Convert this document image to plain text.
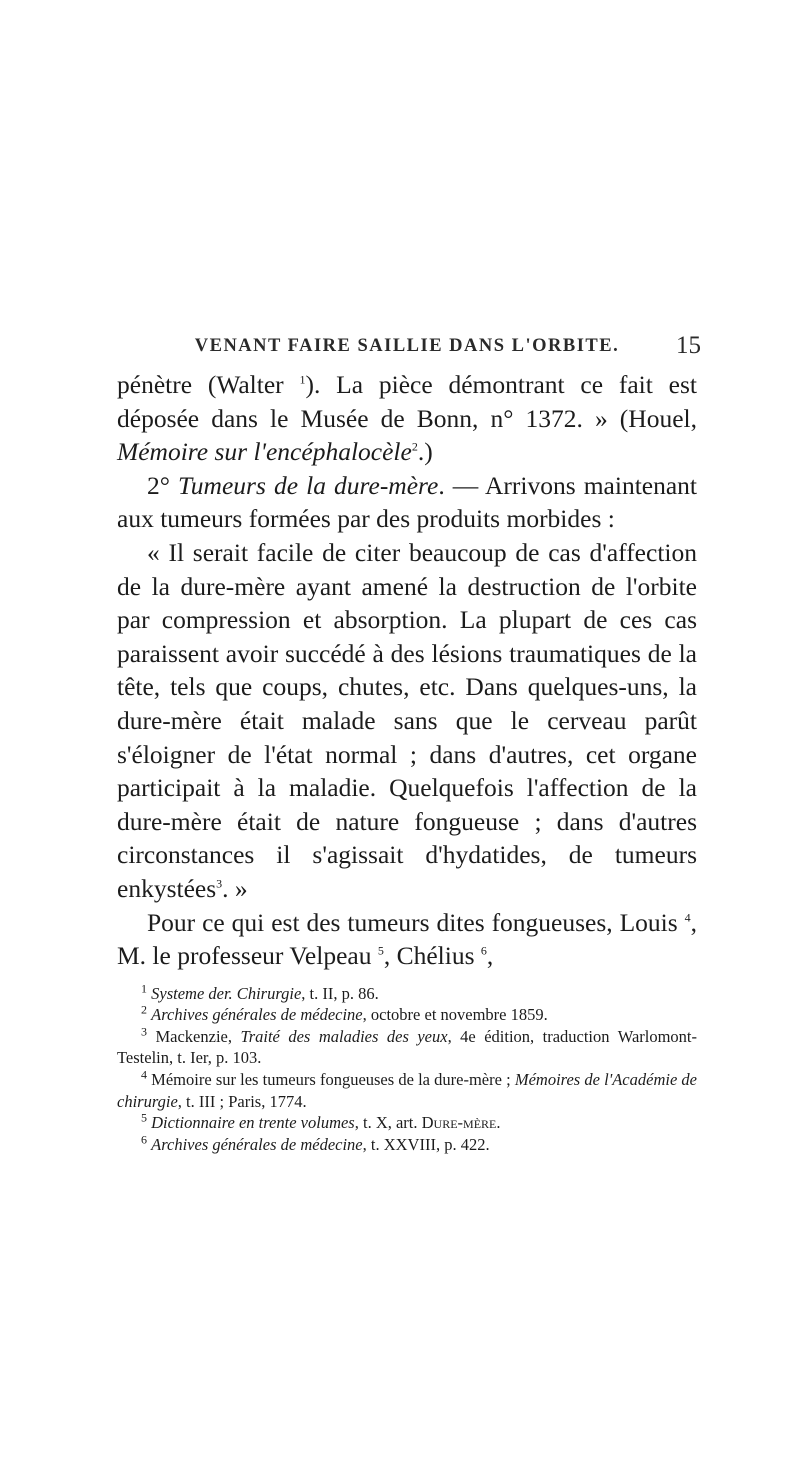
VENANT FAIRE SAILLIE DANS L'ORBITE.	15

pénètre (Walter $^1$). La pièce démontrant ce fait est déposée dans le Musée de Bonn, n° 1372. » (Houel, Mémoire sur l'encéphalocèle$^2$.)

2° Tumeurs de la dure-mère. — Arrivons maintenant aux tumeurs formées par des produits morbides :

« Il serait facile de citer beaucoup de cas d'affection de la dure-mère ayant amené la destruction de l'orbite par compression et absorption. La plupart de ces cas paraissent avoir succédé à des lésions traumatiques de la tête, tels que coups, chutes, etc. Dans quelques-uns, la dure-mère était malade sans que le cerveau parût s'éloigner de l'état normal ; dans d'autres, cet organe participait à la maladie. Quelquefois l'affection de la dure-mère était de nature fongueuse ; dans d'autres circonstances il s'agissait d'hydatides, de tumeurs enkystées$^3$. »

Pour ce qui est des tumeurs dites fongueuses, Louis $^4$, M. le professeur Velpeau $^5$, Chélius $^6$,

$^1$ Systeme der. Chirurgie, t. II, p. 86.

$^2$ Archives générales de médecine, octobre et novembre 1859.

$^3$ Mackenzie, Traité des maladies des yeux, 4e édition, traduction Warlomont-Testelin, t. Ier, p. 103.

$^4$ Mémoire sur les tumeurs fongueuses de la dure-mère ; Mémoires de l'Académie de chirurgie, t. III ; Paris, 1774.

$^5$ Dictionnaire en trente volumes, t. X, art. Dure-mère.

$^6$ Archives générales de médecine, t. XXVIII, p. 422.
